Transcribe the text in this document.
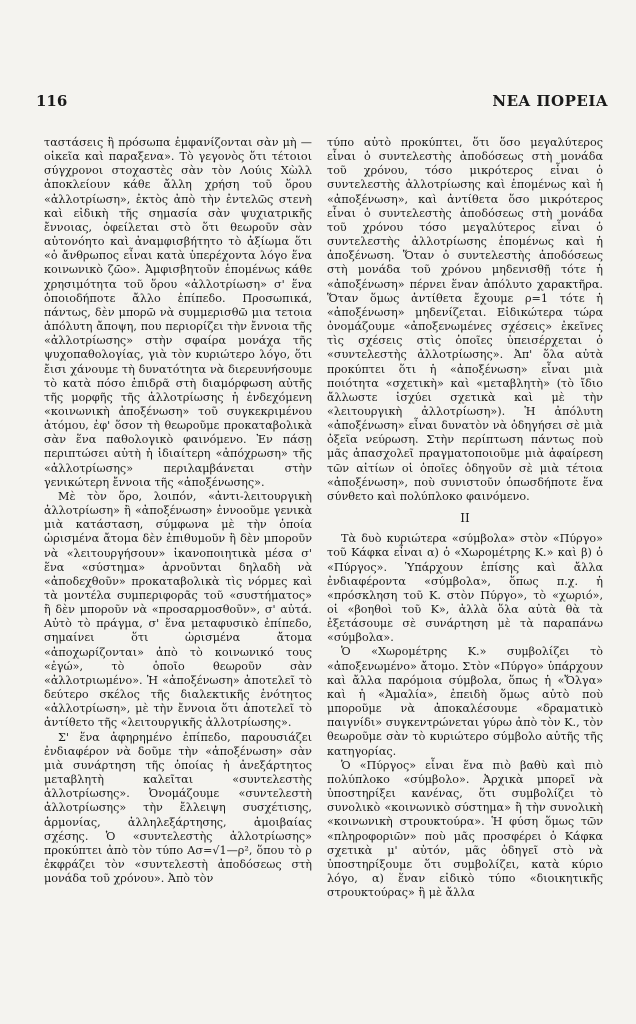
116	ΝΕΑ ΠΟΡΕΙΑ

ταστάσεις ἢ πρόσωπα ἐμφανίζονται σὰν μὴ — οἰκεῖα καὶ παραξενα». Τὸ γεγονὸς ὅτι τέτοιοι σύγχρονοι στοχαστὲς σὰν τὸν Λούις Χὼλλ ἀποκλείουν κάθε ἄλλη χρήση τοῦ ὅρου «ἀλλοτρίωση», ἐκτὸς ἀπὸ τὴν ἐντελῶς στενὴ καὶ εἰδικὴ τῆς σημασία σὰν ψυχιατρικῆς ἔννοιας, ὀφείλεται στὸ ὅτι θεωροῦν σὰν αὐτονόητο καὶ ἀναμφισβήτητο τὸ ἀξίωμα ὅτι «ὁ ἄνθρωπος εἶναι κατὰ ὑπερέχοντα λόγο ἕνα κοινωνικὸ ζῶο». Ἀμφισβητοῦν ἑπομένως κάθε χρησιμότητα τοῦ ὅρου «ἀλλοτρίωση» σ' ἕνα ὁποιοδήποτε ἄλλο ἐπίπεδο. Προσωπικά, πάντως, δὲν μπορῶ νὰ συμμερισθῶ μια τετοια ἀπόλυτη ἄποψη, που περιορίζει τὴν ἔννοια τῆς «ἀλλοτρίωσης» στὴν σφαίρα μονάχα τῆς ψυχοπαθολογίας, γιὰ τὸν κυριώτερο λόγο, ὅτι ἔισι χάνουμε τὴ δυνατότητα νὰ διερευνήσουμε τὸ κατὰ πόσο ἐπιδρᾶ στὴ διαμόρφωση αὐτῆς τῆς μορφῆς τῆς ἀλλοτρίωσης ἡ ἐνδεχόμενη «κοινωνικὴ ἀποξένωση» τοῦ συγκεκριμένου ἀτόμου, ἐφ' ὅσον τὴ θεωροῦμε προκαταβολικὰ σὰν ἕνα παθολογικὸ φαινόμενο. Ἐν πάσῃ περιπτώσει αὐτὴ ἡ ἰδιαίτερη «ἀπόχρωση» τῆς «ἀλλοτρίωσης» περιλαμβάνεται στὴν γενικώτερη ἔννοια τῆς «ἀποξένωσης».

Μὲ τὸν ὅρο, λοιπόν, «ἀντι-λειτουργικὴ ἀλλοτρίωση» ἢ «ἀποξένωση» ἐννοοῦμε γενικὰ μιὰ κατάσταση, σύμφωνα μὲ τὴν ὁποία ὡρισμένα ἄτομα δὲν ἐπιθυμοῦν ἢ δὲν μποροῦν νὰ «λειτουργήσουν» ἱκανοποιητικὰ μέσα σ' ἕνα «σύστημα» ἀρνοῦνται δηλαδὴ νὰ «ἀποδεχθοῦν» προκαταβολικὰ τὶς νόρμες καὶ τὰ μοντέλα συμπεριφορᾶς τοῦ «συστήματος» ἢ δὲν μποροῦν νὰ «προσαρμοσθοῦν», σ' αὐτά. Αὐτὸ τὸ πράγμα, σ' ἕνα μεταφυσικὸ ἐπίπεδο, σημαίνει ὅτι ὡρισμένα ἄτομα «ἀποχωρίζονται» ἀπὸ τὸ κοινωνικό τους «ἐγώ», τὸ ὁποῖο θεωροῦν σὰν «ἀλλοτριωμένο». Ἡ «ἀποξένωση» ἀποτελεῖ τὸ δεύτερο σκέλος τῆς διαλεκτικῆς ἑνότητος «ἀλλοτρίωση», μὲ τὴν ἔννοια ὅτι ἀποτελεῖ τὸ ἀντίθετο τῆς «λειτουργικῆς ἀλλοτρίωσης».

Σ' ἕνα ἀφηρημένο ἐπίπεδο, παρουσιάζει ἐνδιαφέρον νὰ δοῦμε τὴν «ἀποξένωση» σὰν μιὰ συνάρτηση τῆς ὁποίας ἡ ἀνεξάρτητος μεταβλητὴ καλεῖται «συντελεστὴς ἀλλοτρίωσης». Ὀνομάζουμε «συντελεστὴ ἀλλοτρίωσης» τὴν ἔλλειψη συσχέτισης, ἁρμονίας, ἀλληλεξάρτησης, ἀμοιβαίας σχέσης. Ὁ «συντελεστὴς ἀλλοτρίωσης» προκύπτει ἀπὸ τὸν τύπο Ασ=√1—ρ², ὅπου τὸ ρ ἐκφράζει τὸν «συντελεστὴ ἀποδόσεως στὴ μονάδα τοῦ χρόνου». Ἀπὸ τὸν

τύπο αὐτὸ προκύπτει, ὅτι ὅσο μεγαλύτερος εἶναι ὁ συντελεστὴς ἀποδόσεως στὴ μονάδα τοῦ χρόνου, τόσο μικρότερος εἶναι ὁ συντελεστὴς ἀλλοτρίωσης καὶ ἑπομένως καὶ ἡ «ἀποξένωση», καὶ ἀντίθετα ὅσο μικρότερος εἶναι ὁ συντελεστὴς ἀποδόσεως στὴ μονάδα τοῦ χρόνου τόσο μεγαλύτερος εἶναι ὁ συντελεστὴς ἀλλοτρίωσης ἑπομένως καὶ ἡ ἀποξένωση. Ὅταν ὁ συντελεστὴς ἀποδόσεως στὴ μονάδα τοῦ χρόνου μηδενισθῇ τότε ἡ «ἀποξένωση» πέρνει ἕναν ἀπόλυτο χαρακτῆρα. Ὅταν ὅμως ἀντίθετα ἔχουμε ρ=1 τότε ἡ «ἀποξένωση» μηδενίζεται. Εἰδικώτερα τώρα ὀνομάζουμε «ἀποξενωμένες σχέσεις» ἐκεῖνες τὶς σχέσεις στὶς ὁποῖες ὑπεισέρχεται ὁ «συντελεστὴς ἀλλοτρίωσης». Ἀπ' ὅλα αὐτὰ προκύπτει ὅτι ἡ «ἀποξένωση» εἶναι μιὰ ποιότητα «σχετικὴ» καὶ «μεταβλητὴ» (τὸ ἴδιο ἄλλωστε ἰσχύει σχετικὰ καὶ μὲ τὴν «λειτουργικὴ ἀλλοτρίωση»). Ἡ ἀπόλυτη «ἀποξένωση» εἶναι δυνατὸν νὰ ὁδηγήσει σὲ μιὰ ὀξεῖα νεύρωση. Στὴν περίπτωση πάντως ποὺ μᾶς ἀπασχολεῖ πραγματοποιοῦμε μιὰ ἀφαίρεση τῶν αἰτίων οἱ ὁποῖες ὁδηγοῦν σὲ μιὰ τέτοια «ἀποξένωση», ποὺ συνιστοῦν ὁπωσδήποτε ἕνα σύνθετο καὶ πολύπλοκο φαινόμενο.

ΙΙ

Τὰ δυὸ κυριώτερα «σύμβολα» στὸν «Πύργο» τοῦ Κάφκα εἶναι α) ὁ «Χωρομέτρης Κ.» καὶ β) ὁ «Πύργος». Ὑπάρχουν ἐπίσης καὶ ἄλλα ἐνδιαφέροντα «σύμβολα», ὅπως π.χ. ἡ «πρόσκληση τοῦ Κ. στὸν Πύργο», τὸ «χωριό», οἱ «βοηθοὶ τοῦ Κ», ἀλλὰ ὅλα αὐτὰ θὰ τὰ ἐξετάσουμε σὲ συνάρτηση μὲ τὰ παραπάνω «σύμβολα».

Ὁ «Χωρομέτρης Κ.» συμβολίζει τὸ «ἀποξενωμένο» ἄτομο. Στὸν «Πύργο» ὑπάρχουν καὶ ἄλλα παρόμοια σύμβολα, ὅπως ἡ «Ὄλγα» καὶ ἡ «Ἀμαλία», ἐπειδὴ ὅμως αὐτὸ ποὺ μποροῦμε νὰ ἀποκαλέσουμε «δραματικὸ παιγνίδι» συγκεντρώνεται γύρω ἀπὸ τὸν Κ., τὸν θεωροῦμε σὰν τὸ κυριώτερο σύμβολο αὐτῆς τῆς κατηγορίας.

Ὁ «Πύργος» εἶναι ἕνα πιὸ βαθὺ καὶ πιὸ πολύπλοκο «σύμβολο». Ἀρχικὰ μπορεῖ νὰ ὑποστηρίξει κανένας, ὅτι συμβολίζει τὸ συνολικὸ «κοινωνικὸ σύστημα» ἢ τὴν συνολικὴ «κοινωνικὴ στρουκτούρα». Ἡ φύση ὅμως τῶν «πληροφοριῶν» ποὺ μᾶς προσφέρει ὁ Κάφκα σχετικὰ μ' αὐτόν, μᾶς ὁδηγεῖ στὸ νὰ ὑποστηρίξουμε ὅτι συμβολίζει, κατὰ κύριο λόγο, α) ἕναν εἰδικὸ τύπο «διοικητικῆς στρουκτούρας» ἢ μὲ ἄλλα
